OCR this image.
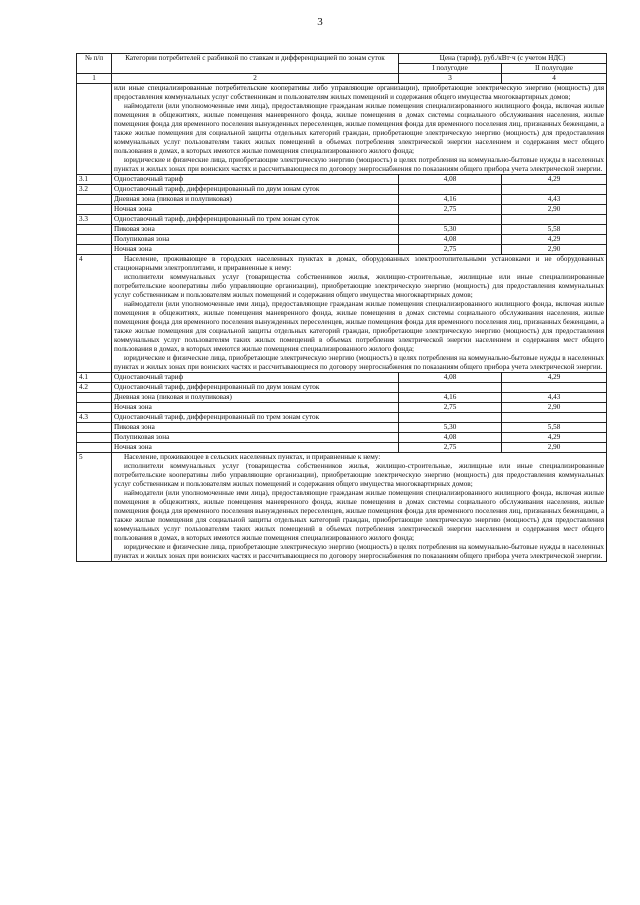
3
№ п/п	Категории потребителей с разбивкой по ставкам и дифференциацией по зонам суток	Цена (тариф), руб./кВт·ч (с учетом НДС)	
		I полугодие	II полугодие
1	2	3	4

	или иные специализированные потребительские кооперативы либо управляющие организации), приобретающие электрическую энергию (мощность) для предоставления коммунальных услуг собственникам и пользователям жилых помещений и содержания общего имущества многоквартирных домов;

наймодатели (или уполномоченные ими лица), предоставляющие гражданам жилые помещения специализированного жилищного фонда, включая жилые помещения в общежитиях, жилые помещения маневренного фонда, жилые помещения в домах системы социального обслуживания населения, жилые помещения фонда для временного поселения вынужденных переселенцев, жилые помещения фонда для временного поселения лиц, признанных беженцами, а также жилые помещения для социальной защиты отдельных категорий граждан, приобретающие электрическую энергию (мощность) для предоставления коммунальных услуг пользователям таких жилых помещений в объемах потребления электрической энергии населением и содержания мест общего пользования в домах, в которых имеются жилые помещения специализированного жилого фонда;

юридические и физические лица, приобретающие электрическую энергию (мощность) в целях потребления на коммунально-бытовые нужды в населенных пунктах и жилых зонах при воинских частях и рассчитывающиеся по договору энергоснабжения по показаниям общего прибора учета электрической энергии.		

3.1	Одноставочный тариф	4,08	4,29
3.2	Одноставочный тариф, дифференцированный по двум зонам суток		
	Дневная зона (пиковая и полупиковая)	4,16	4,43
	Ночная зона	2,75	2,90
3.3	Одноставочный тариф, дифференцированный по трем зонам суток		
	Пиковая зона	5,30	5,58
	Полупиковая зона	4,08	4,29
	Ночная зона	2,75	2,90
4	Население, проживающее в городских населенных пунктах в домах, оборудованных электроотопительными установками и не оборудованных стационарными электроплитами, и приравненные к нему:

исполнители коммунальных услуг (товарищества собственников жилья, жилищно-строительные, жилищные или иные специализированные потребительские кооперативы либо управляющие организации), приобретающие электрическую энергию (мощность) для предоставления коммунальных услуг собственникам и пользователям жилых помещений и содержания общего имущества многоквартирных домов;

наймодатели (или уполномоченные ими лица), предоставляющие гражданам жилые помещения специализированного жилищного фонда, включая жилые помещения в общежитиях, жилые помещения маневренного фонда, жилые помещения в домах системы социального обслуживания населения, жилые помещения фонда для временного поселения вынужденных переселенцев, жилые помещения фонда для временного поселения лиц, признанных беженцами, а также жилые помещения для социальной защиты отдельных категорий граждан, приобретающие электрическую энергию (мощность) для предоставления коммунальных услуг пользователям таких жилых помещений в объемах потребления электрической энергии населением и содержания мест общего пользования в домах, в которых имеются жилые помещения специализированного жилого фонда;

юридические и физические лица, приобретающие электрическую энергию (мощность) в целях потребления на коммунально-бытовые нужды в населенных пунктах и жилых зонах при воинских частях и рассчитывающиеся по договору энергоснабжения по показаниям общего прибора учета электрической энергии.		

4.1	Одноставочный тариф	4,08	4,29
4.2	Одноставочный тариф, дифференцированный по двум зонам суток		
	Дневная зона (пиковая и полупиковая)	4,16	4,43
	Ночная зона	2,75	2,90
4.3	Одноставочный тариф, дифференцированный по трем зонам суток		
	Пиковая зона	5,30	5,58
	Полупиковая зона	4,08	4,29
	Ночная зона	2,75	2,90
5	Население, проживающее в сельских населенных пунктах, и приравненные к нему:

исполнители коммунальных услуг (товарищества собственников жилья, жилищно-строительные, жилищные или иные специализированные потребительские кооперативы либо управляющие организации), приобретающие электрическую энергию (мощность) для предоставления коммунальных услуг собственникам и пользователям жилых помещений и содержания общего имущества многоквартирных домов;

наймодатели (или уполномоченные ими лица), предоставляющие гражданам жилые помещения специализированного жилищного фонда, включая жилые помещения в общежитиях, жилые помещения маневренного фонда, жилые помещения в домах системы социального обслуживания населения, жилые помещения фонда для временного поселения вынужденных переселенцев, жилые помещения фонда для временного поселения лиц, признанных беженцами, а также жилые помещения для социальной защиты отдельных категорий граждан, приобретающие электрическую энергию (мощность) для предоставления коммунальных услуг пользователям таких жилых помещений в объемах потребления электрической энергии населением и содержания мест общего пользования в домах, в которых имеются жилые помещения специализированного жилого фонда;

юридические и физические лица, приобретающие электрическую энергию (мощность) в целях потребления на коммунально-бытовые нужды в населенных пунктах и жилых зонах при воинских частях и рассчитывающиеся по договору энергоснабжения по показаниям общего прибора учета электрической энергии.		
